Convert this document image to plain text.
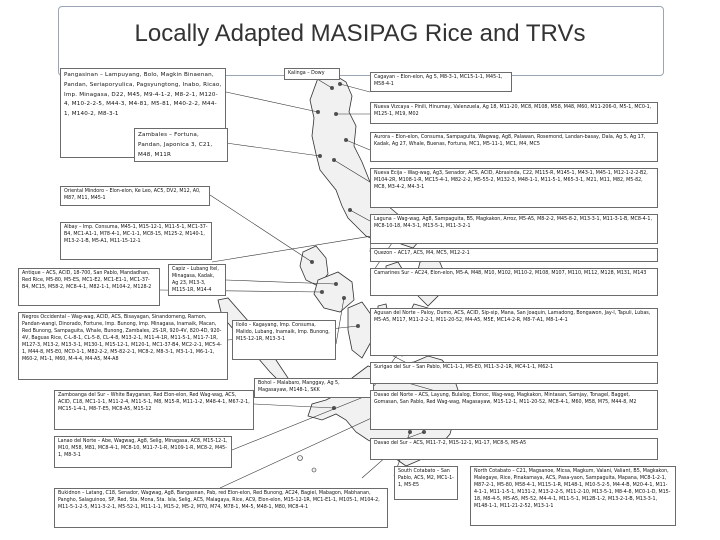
Locally Adapted MASIPAG Rice and TRVs
Pangasinan – Lampuyang, Bolo, Magkin Binaenan, Pandan, Seriaporyulica, Pagsyungtong, Inabo, Ricao, Imp. Minagasa, D22, M45, M9-4-1-2, M8-2-1, M120-4, M10-2-2-5, M44-3, M4-81, M5-81, M40-2-2, M44-1, M140-2, M8-3-1
Kalinga – Dowy
Cagayan – Elon-elon, Ag 5, M8-3-1, MC15-1-1, M45-1, M58-4-1
Nueva Vizcaya – Pinili, Hinumay, Valenzuela, Ag 18, M11-20, MC8, M108, M58, M48, M60, M11-206-0, M5-1, MC0-1, M125-1, M19, M02
Zambales – Fortuna, Pandan, Japonica 3, C21, M48, M11R
Aurora – Elon-elon, Consuma, Sampaguita, Wagwag, Ag8, Palawan, Rosemond, Landan-basay, Dala, Ag 5, Ag 17, Kadak, Ag 27, Whale, Buenas, Fortuna, MC1, M5-11-1, MC1, M4, MC5
Oriental Mindoro – Elon-elon, Ke Leo, AC5, DV2, M12, A0, M87, M11, M45-1
Nueva Ecija – Wag-wag, Ag3, Senador, ACS, ACID, Abrasinda, C22, M115-R, M145-1, M43-1, M45-1, M12-1-2-2-B2, M104-2R, M108-1-R, MC15-4-1, M82-2-2, M5-55-2, M132-3, M48-1-1, M11-5-1, M65-3-1, M21, M11, M82, M5-82, MC8, M3-4-2, M4-3-1
Albay – Imp. Consuma, M45-1, M15-12-1, M11-5-1, MC1-37-B4, MC1-A1-1, M78-4-1, MC-1-1, MC8-15, M125-2, M140-1, M13-2-1-B, M5-A1, M11-15-12-1
Laguna – Wag-wag, Ag8, Sampaguita, B5, Magkakon, Arroz, M5-A5, M8-2-2, M45-8-2, M13-3-1, M11-3-1-B, MC8-4-1, MC8-10-18, M4-3-1, M13-5-1, M11-3-2-1
Quezon – AC17, AC5, M4, MC5, M12-2-1
Antique – ACS, ACID, 18-700, San Pablo, Mandadhan, Red Rice, M5-80, M5-ES, MC1-E2, MC1-E1-1, MC1-37-B4, MC15, M58-2, MC8-4-1, M82-1-1, M104-2, M128-2
Capiz – Lubang Itel, Minagasa, Kadak, Ag 23, M13-3, M115-1R, M14-4
Camarines Sur – AC24, Elon-elon, M5-A, M48, M10, M102, M110-2, M108, M107, M110, M112, M128, M131, M143
Negros Occidental – Wag-wag, ACID, ACS, Bisayagan, Sinandomeng, Ramon, Pandan-wangi, Dinorado, Fortune, Imp. Bunong, Imp. Minagasa, Inamaik, Macan, Red Bunong, Sampaguita, Whale, Bunong, Zambales, 2S-1R, 920-4V, 820-4D, 920-4V, Baguas Rice, C-L-8-1, CL-5-8, CL-4-8, M13-2-1, M11-4-1R, M11-5-1, M11-7-1R, M127-3, M13-2, M13-3-1, M130-1, M15-12-1, M120-1, MC1-37-B4, MC2-2-1, MC5-4-1, M44-8, M5-E0, MC0-1-1, M82-2-2, M5-82-2-1, MC8-2, M8-3-1, M3-1-1, M6-1-1, M60-2, M1-1, M60, M-4-4, M4-A5, M4-A8
Iloilo – Kagayang, Imp. Consuma, Malido, Lubang, Inamaik, Imp. Bunong, M15-12-1R, M13-3-1
Agusan del Norte – Paloy, Dumo, ACS, ACID, Sip-sip, Mana, San Joaquin, Lamadong, Bongawon, Jay-l, Tapuli, Lubas, M5-A5, M117, M11-2-2-1, M11-20-52, M4-A5, M5E, MC14-2-R, M8-7-A1, M8-1-4-1
Bohol – Malabaro, Manggay, Ag 5, Magasayaw, M148-1, SKK
Surigao del Sur – San Pablo, MC1-1-1, M5-E0, M11-3-2-1R, MC4-1-1, M62-1
Zamboanga del Sur – White Bayganan, Red Elon-elon, Red Wag-wag, ACS, ACID, C18, MC1-1-1, M11-2-4, M11-5-1, M8, M15-R, M11-1-2, M48-4-1, M67-2-1, MC15-1-4-1, M8-7-E5, MC8-A5, M15-12
Davao del Norte – ACS, Layung, Bulalog, Elonoc, Wag-wag, Magkakon, Mintasan, Samjay, Tonagel, Bagget, Gomasan, San Pablo, Red Wag-wag, Magasayaw, M15-12-1, M11-20-52, MC8-4-1, M60, M58, M75, M44-8, M2
Lanao del Norte – Abe, Wagwag, Ag8, Selig, Minagasa, AC8, M15-12-1, M10, M58, M81, MC8-4-1, MC8-10, M11-7-1-R, M109-1-R, MC8-2, M45-1, M8-3-1
Davao del Sur – ACS, M11-7-2, M15-12-1, M1-17, MC8-5, M5-A5
South Cotabato – San Pablo, ACS, M2, MC1-1-1, M5-E5
North Cotabato – C21, Magsanoe, Micsa, Magkum, Valani, Valiant, B5, Magkakon, Malegaye, Rice, Pinakamaya, ACS, Pasa-yaon, Sampaguita, Mapana, MC8-1-2-1, M87-2-1, M5-80, M58-4-1, M115-1-R, M148-1, M10-5-2-5, M4-4-B, M20-4-1, M11-4-1-1, M11-1-5-1, M131-2, M13-2-2-5, M11-2-10, M13-5-1, M8-4-8, MC0-1-D, M15-18, M8-4-5, M5-A5, M5-52, M4-4-1, M11-5-1, M12B-1-2, M13-2-1-B, M13-3-1, M148-1-1, M11-21-2-52, M13-1-1
Bukidnon – Latang, C18, Senador, Wagwag, Ag8, Bangasnan, Pab, red Elon-elon, Red Bunong, AC24, Bagiel, Mabagon, Mabhanan, Pangho, Salaguinoo, SP, Red, Sta. Mona, Sta. Isla, Selig, AC5, Malagaya, Rice, AC9, Elon-elon, M15-12-1R, MC1-E1-1, M105-1, M104-2, M11-5-1-2-5, M11-3-2-1, M5-52-1, M11-1-1, M15-2, M5-2, M70, M74, M78-1, M4-5, M48-1, M80, MC8-4-1
